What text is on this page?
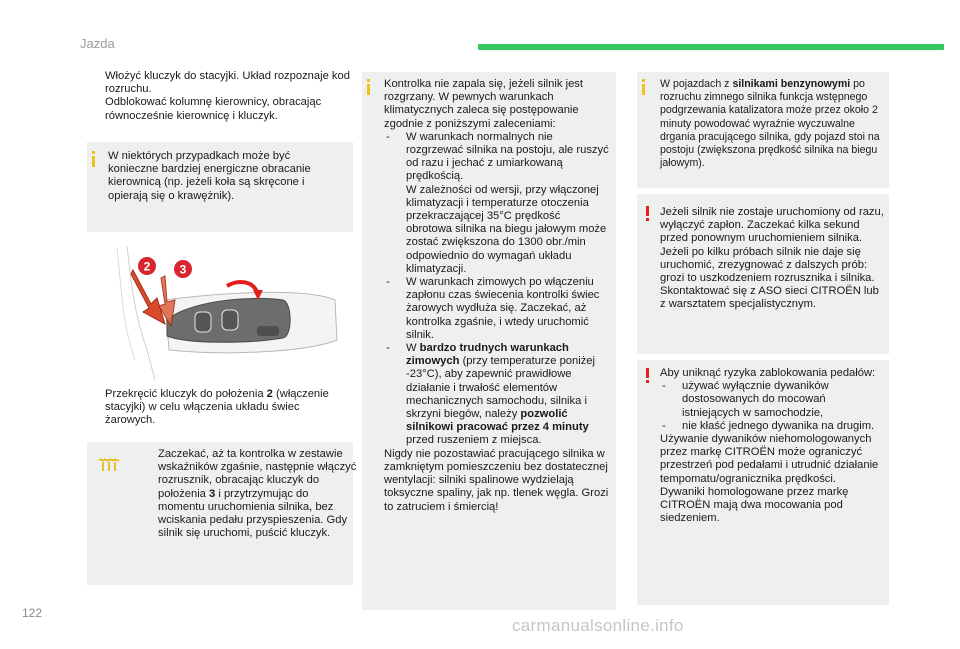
Jazda
122
carmanualsonline.info
Włożyć kluczyk do stacyjki. Układ rozpoznaje kod rozruchu.
Odblokować kolumnę kierownicy, obracając równocześnie kierownicę i kluczyk.
W niektórych przypadkach może być konieczne bardziej energiczne obracanie kierownicą (np. jeżeli koła są skręcone i opierają się o krawężnik).
2 3
Przekręcić kluczyk do położenia 2 (włączenie stacyjki) w celu włączenia układu świec żarowych.
Zaczekać, aż ta kontrolka w zestawie wskaźników zgaśnie, następnie włączyć rozrusznik, obracając kluczyk do położenia 3 i przytrzymując do momentu uruchomienia silnika, bez wciskania pedału przyspieszenia. Gdy silnik się uruchomi, puścić kluczyk.
Kontrolka nie zapala się, jeżeli silnik jest rozgrzany. W pewnych warunkach klimatycznych zaleca się postępowanie zgodnie z poniższymi zaleceniami:
- W warunkach normalnych nie rozgrzewać silnika na postoju, ale ruszyć od razu i jechać z umiarkowaną prędkością.
W zależności od wersji, przy włączonej klimatyzacji i temperaturze otoczenia przekraczającej 35°C prędkość obrotowa silnika na biegu jałowym może zostać zwiększona do 1300 obr./min odpowiednio do wymagań układu klimatyzacji.
- W warunkach zimowych po włączeniu zapłonu czas świecenia kontrolki świec żarowych wydłuża się. Zaczekać, aż kontrolka zgaśnie, i wtedy uruchomić silnik.
- W bardzo trudnych warunkach zimowych (przy temperaturze poniżej -23°C), aby zapewnić prawidłowe działanie i trwałość elementów mechanicznych samochodu, silnika i skrzyni biegów, należy pozwolić silnikowi pracować przez 4 minuty przed ruszeniem z miejsca.
Nigdy nie pozostawiać pracującego silnika w zamkniętym pomieszczeniu bez dostatecznej wentylacji: silniki spalinowe wydzielają toksyczne spaliny, jak np. tlenek węgla. Grozi to zatruciem i śmiercią!
W pojazdach z silnikami benzynowymi po rozruchu zimnego silnika funkcja wstępnego podgrzewania katalizatora może przez około 2 minuty powodować wyraźnie wyczuwalne drgania pracującego silnika, gdy pojazd stoi na postoju (zwiększona prędkość silnika na biegu jałowym).
Jeżeli silnik nie zostaje uruchomiony od razu, wyłączyć zapłon. Zaczekać kilka sekund przed ponownym uruchomieniem silnika. Jeżeli po kilku próbach silnik nie daje się uruchomić, zrezygnować z dalszych prób: grozi to uszkodzeniem rozrusznika i silnika. Skontaktować się z ASO sieci CITROËN lub z warsztatem specjalistycznym.
Aby uniknąć ryzyka zablokowania pedałów:
- używać wyłącznie dywaników dostosowanych do mocowań istniejących w samochodzie,
- nie kłaść jednego dywanika na drugim.
Używanie dywaników niehomologowanych przez markę CITROËN może ograniczyć przestrzeń pod pedałami i utrudnić działanie tempomatu/ogranicznika prędkości.
Dywaniki homologowane przez markę CITROËN mają dwa mocowania pod siedzeniem.
